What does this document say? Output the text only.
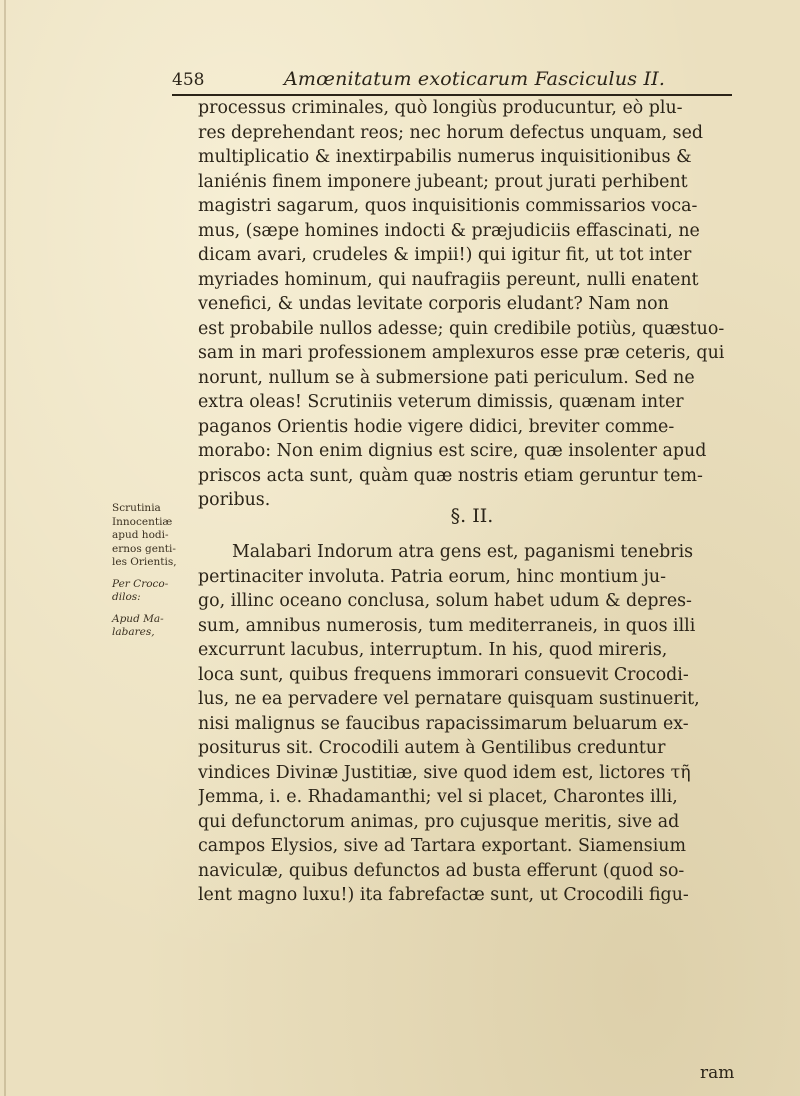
458	Amœnitatum exoticarum Fasciculus II.
processus criminales, quò longiùs producuntur, eò plu-
res deprehendant reos; nec horum defectus unquam, sed
multiplicatio & inextirpabilis numerus inquisitionibus &
laniénis finem imponere jubeant; prout jurati perhibent
magistri sagarum, quos inquisitionis commissarios voca-
mus, (sæpe homines indocti & præjudiciis effascinati, ne
dicam avari, crudeles & impii!) qui igitur fit, ut tot inter
myriades hominum, qui naufragiis pereunt, nulli enatent
venefici, & undas levitate corporis eludant? Nam non
est probabile nullos adesse; quin credibile potiùs, quæstuo-
sam in mari professionem amplexuros esse præ ceteris, qui
norunt, nullum se à submersione pati periculum. Sed ne
extra oleas! Scrutiniis veterum dimissis, quænam inter
paganos Orientis hodie vigere didici, breviter comme-
morabo: Non enim dignius est scire, quæ insolenter apud
priscos acta sunt, quàm quæ nostris etiam geruntur tem-
poribus.
§. II.
Malabari Indorum atra gens est, paganismi tenebris
pertinaciter involuta. Patria eorum, hinc montium ju-
go, illinc oceano conclusa, solum habet udum & depres-
sum, amnibus numerosis, tum mediterraneis, in quos illi
excurrunt lacubus, interruptum. In his, quod mireris,
loca sunt, quibus frequens immorari consuevit Crocodi-
lus, ne ea pervadere vel pernatare quisquam sustinuerit,
nisi malignus se faucibus rapacissimarum beluarum ex-
positurus sit. Crocodili autem à Gentilibus creduntur
vindices Divinæ Justitiæ, sive quod idem est, lictores τῆ
Jemma, i. e. Rhadamanthi; vel si placet, Charontes illi,
qui defunctorum animas, pro cujusque meritis, sive ad
campos Elysios, sive ad Tartara exportant. Siamensium
naviculæ, quibus defunctos ad busta efferunt (quod so-
lent magno luxu!) ita fabrefactæ sunt, ut Crocodili figu-
ram
Scrutinia
Innocentiæ
apud hodi-
ernos genti-
les Orientis,
Per Croco-
dilos:
Apud Ma-
labares,
